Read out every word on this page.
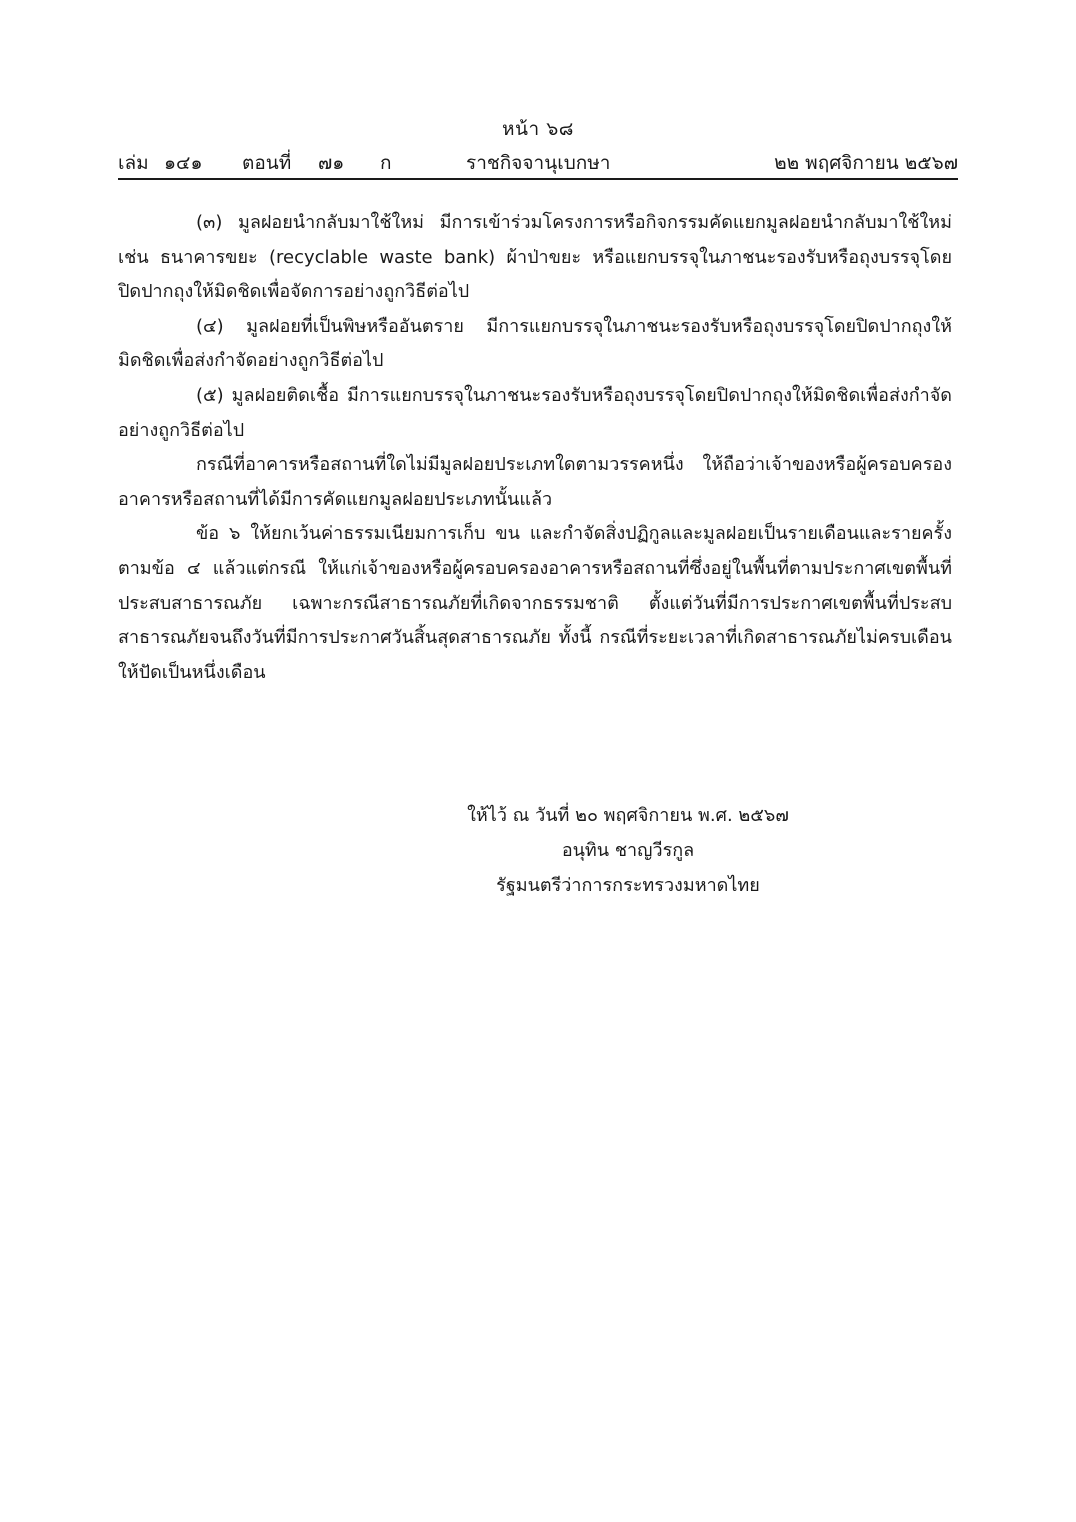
หน้า ๖๘
เล่ม ๑๔๑ ตอนที่ ๗๑ ก	ราชกิจจานุเบกษา	๒๒ พฤศจิกายน ๒๕๖๗

(๓) มูลฝอยนำกลับมาใช้ใหม่ มีการเข้าร่วมโครงการหรือกิจกรรมคัดแยกมูลฝอยนำกลับมาใช้ใหม่ เช่น ธนาคารขยะ (recyclable waste bank) ผ้าป่าขยะ หรือแยกบรรจุในภาชนะรองรับหรือถุงบรรจุโดยปิดปากถุงให้มิดชิดเพื่อจัดการอย่างถูกวิธีต่อไป

(๔) มูลฝอยที่เป็นพิษหรืออันตราย มีการแยกบรรจุในภาชนะรองรับหรือถุงบรรจุโดยปิดปากถุงให้มิดชิดเพื่อส่งกำจัดอย่างถูกวิธีต่อไป

(๕) มูลฝอยติดเชื้อ มีการแยกบรรจุในภาชนะรองรับหรือถุงบรรจุโดยปิดปากถุงให้มิดชิดเพื่อส่งกำจัดอย่างถูกวิธีต่อไป

กรณีที่อาคารหรือสถานที่ใดไม่มีมูลฝอยประเภทใดตามวรรคหนึ่ง ให้ถือว่าเจ้าของหรือผู้ครอบครองอาคารหรือสถานที่ได้มีการคัดแยกมูลฝอยประเภทนั้นแล้ว

ข้อ ๖ ให้ยกเว้นค่าธรรมเนียมการเก็บ ขน และกำจัดสิ่งปฏิกูลและมูลฝอยเป็นรายเดือนและรายครั้งตามข้อ ๔ แล้วแต่กรณี ให้แก่เจ้าของหรือผู้ครอบครองอาคารหรือสถานที่ซึ่งอยู่ในพื้นที่ตามประกาศเขตพื้นที่ประสบสาธารณภัย เฉพาะกรณีสาธารณภัยที่เกิดจากธรรมชาติ ตั้งแต่วันที่มีการประกาศเขตพื้นที่ประสบสาธารณภัยจนถึงวันที่มีการประกาศวันสิ้นสุดสาธารณภัย ทั้งนี้ กรณีที่ระยะเวลาที่เกิดสาธารณภัยไม่ครบเดือนให้ปัดเป็นหนึ่งเดือน

ให้ไว้ ณ วันที่ ๒๐ พฤศจิกายน พ.ศ. ๒๕๖๗
อนุทิน ชาญวีรกูล
รัฐมนตรีว่าการกระทรวงมหาดไทย
